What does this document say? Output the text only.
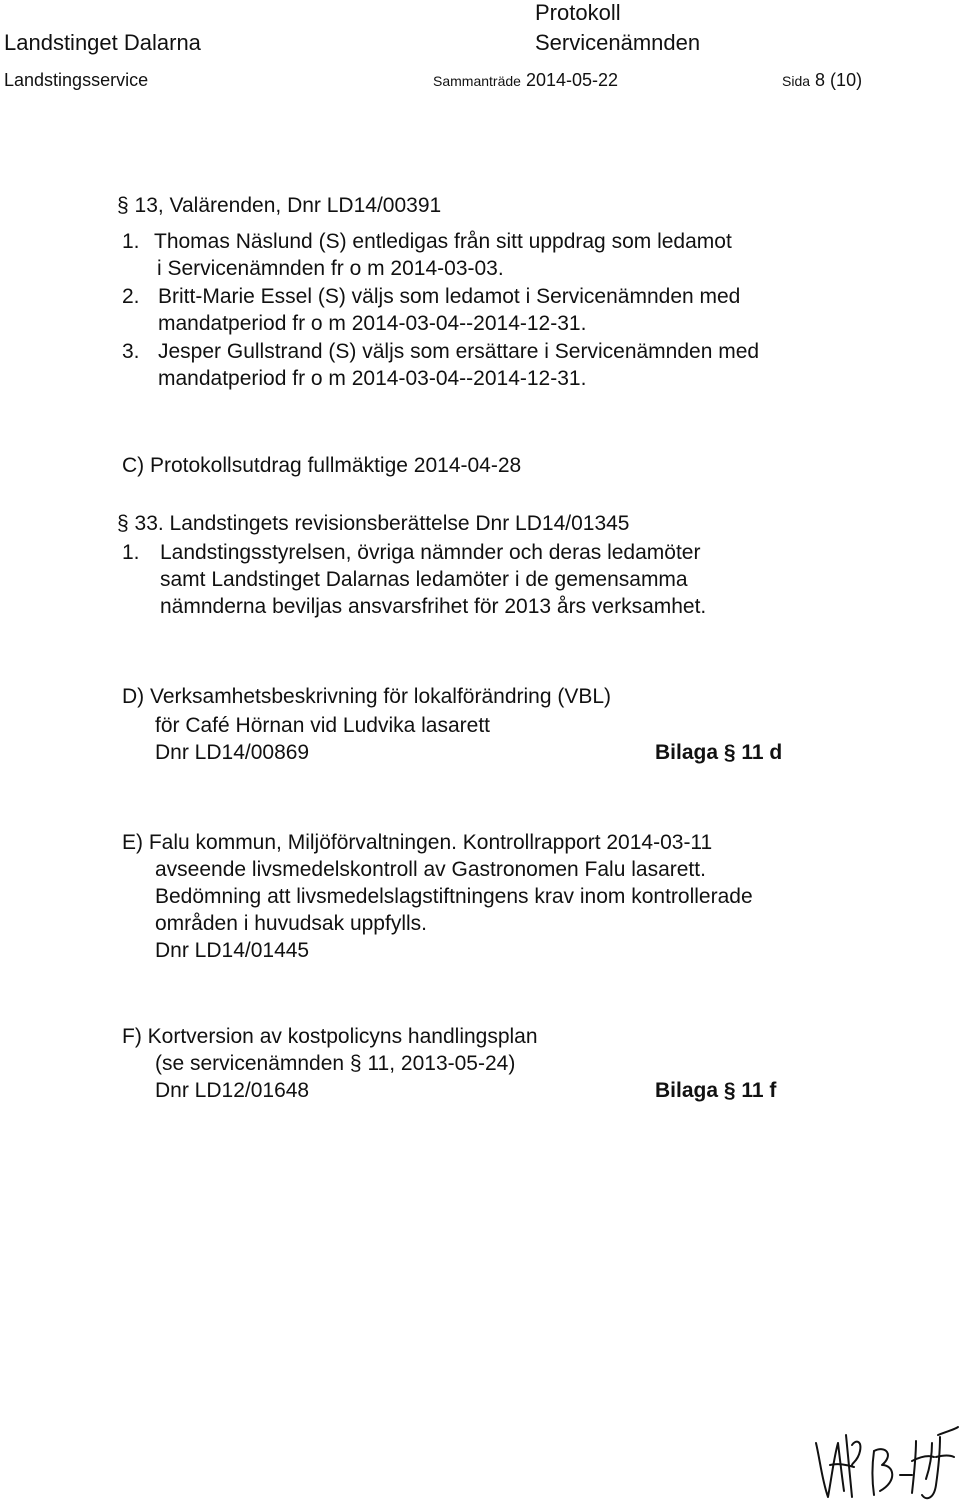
Landstinget Dalarna
Protokoll
Servicenämnden
Landstingsservice	Sammanträde 2014-05-22	Sida 8 (10)
§ 13, Valärenden, Dnr LD14/00391
1. Thomas Näslund (S) entledigas från sitt uppdrag som ledamot
i Servicenämnden fr o m 2014-03-03.
2. Britt-Marie Essel (S) väljs som ledamot i Servicenämnden med
mandatperiod fr o m 2014-03-04--2014-12-31.
3. Jesper Gullstrand (S) väljs som ersättare i Servicenämnden med
mandatperiod fr o m 2014-03-04--2014-12-31.
C) Protokollsutdrag fullmäktige 2014-04-28
§ 33. Landstingets revisionsberättelse Dnr LD14/01345
1. Landstingsstyrelsen, övriga nämnder och deras ledamöter
samt Landstinget Dalarnas ledamöter i de gemensamma
nämnderna beviljas ansvarsfrihet för 2013 års verksamhet.
D) Verksamhetsbeskrivning för lokalförändring (VBL)
för Café Hörnan vid Ludvika lasarett
Dnr LD14/00869	Bilaga § 11 d
E) Falu kommun, Miljöförvaltningen. Kontrollrapport 2014-03-11
avseende livsmedelskontroll av Gastronomen Falu lasarett.
Bedömning att livsmedelslagstiftningens krav inom kontrollerade
områden i huvudsak uppfylls.
Dnr LD14/01445
F) Kortversion av kostpolicyns handlingsplan
(se servicenämnden § 11, 2013-05-24)
Dnr LD12/01648	Bilaga § 11 f
